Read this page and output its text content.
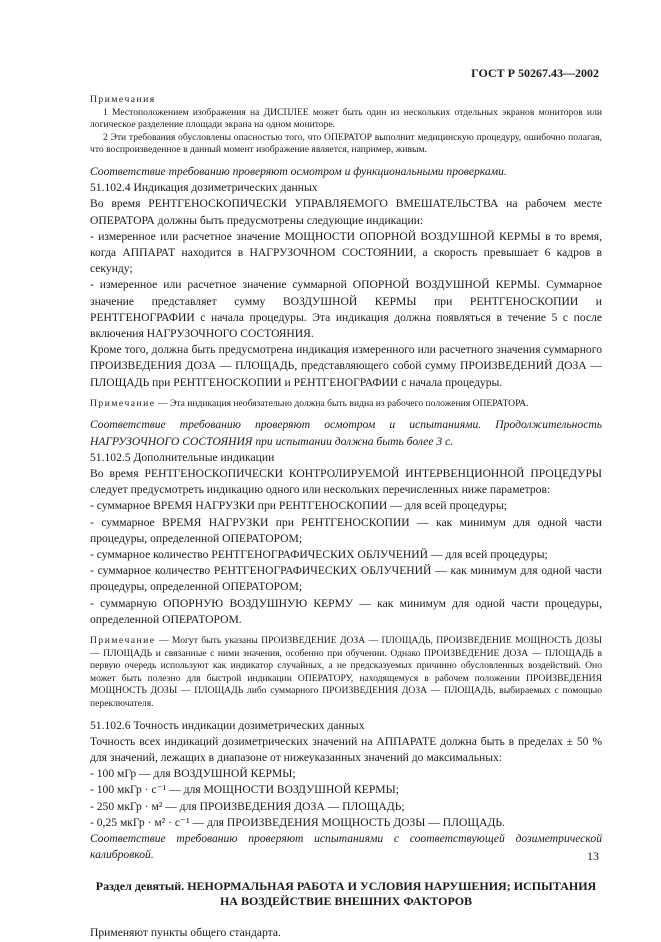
ГОСТ Р 50267.43—2002

Примечания

1 Местоположением изображения на ДИСПЛЕЕ может быть один из нескольких отдельных экранов мониторов или логическое разделение площади экрана на одном мониторе.

2 Эти требования обусловлены опасностью того, что ОПЕРАТОР выполнит медицинскую процедуру, ошибочно полагая, что воспроизведенное в данный момент изображение является, например, живым.

Соответствие требованию проверяют осмотром и функциональными проверками.

51.102.4 Индикация дозиметрических данных

Во время РЕНТГЕНОСКОПИЧЕСКИ УПРАВЛЯЕМОГО ВМЕШАТЕЛЬСТВА на рабочем месте ОПЕРАТОРА должны быть предусмотрены следующие индикации:

- измеренное или расчетное значение МОЩНОСТИ ОПОРНОЙ ВОЗДУШНОЙ КЕРМЫ в то время, когда АППАРАТ находится в НАГРУЗОЧНОМ СОСТОЯНИИ, а скорость превышает 6 кадров в секунду;

- измеренное или расчетное значение суммарной ОПОРНОЙ ВОЗДУШНОЙ КЕРМЫ. Суммарное значение представляет сумму ВОЗДУШНОЙ КЕРМЫ при РЕНТГЕНОСКОПИИ и РЕНТГЕНОГРАФИИ с начала процедуры. Эта индикация должна появляться в течение 5 с после включения НАГРУЗОЧНОГО СОСТОЯНИЯ.

Кроме того, должна быть предусмотрена индикация измеренного или расчетного значения суммарного ПРОИЗВЕДЕНИЯ ДОЗА — ПЛОЩАДЬ, представляющего собой сумму ПРОИЗВЕДЕНИЙ ДОЗА — ПЛОЩАДЬ при РЕНТГЕНОСКОПИИ и РЕНТГЕНОГРАФИИ с начала процедуры.

Примечание — Эта индикация необязательно должна быть видна из рабочего положения ОПЕРАТОРА.

Соответствие требованию проверяют осмотром и испытаниями. Продолжительность НАГРУЗОЧНОГО СОСТОЯНИЯ при испытании должна быть более 3 с.

51.102.5 Дополнительные индикации

Во время РЕНТГЕНОСКОПИЧЕСКИ КОНТРОЛИРУЕМОЙ ИНТЕРВЕНЦИОННОЙ ПРОЦЕДУРЫ следует предусмотреть индикацию одного или нескольких перечисленных ниже параметров:

- суммарное ВРЕМЯ НАГРУЗКИ при РЕНТГЕНОСКОПИИ — для всей процедуры;

- суммарное ВРЕМЯ НАГРУЗКИ при РЕНТГЕНОСКОПИИ — как минимум для одной части процедуры, определенной ОПЕРАТОРОМ;

- суммарное количество РЕНТГЕНОГРАФИЧЕСКИХ ОБЛУЧЕНИЙ — для всей процедуры;

- суммарное количество РЕНТГЕНОГРАФИЧЕСКИХ ОБЛУЧЕНИЙ — как минимум для одной части процедуры, определенной ОПЕРАТОРОМ;

- суммарную ОПОРНУЮ ВОЗДУШНУЮ КЕРМУ — как минимум для одной части процедуры, определенной ОПЕРАТОРОМ.

Примечание — Могут быть указаны ПРОИЗВЕДЕНИЕ ДОЗА — ПЛОЩАДЬ, ПРОИЗВЕДЕНИЕ МОЩНОСТЬ ДОЗЫ — ПЛОЩАДЬ и связанные с ними значения, особенно при обучении. Однако ПРОИЗВЕДЕНИЕ ДОЗА — ПЛОЩАДЬ в первую очередь используют как индикатор случайных, а не предсказуемых причинно обусловленных воздействий. Оно может быть полезно для быстрой индикации ОПЕРАТОРУ, находящемуся в рабочем положении ПРОИЗВЕДЕНИЯ МОЩНОСТЬ ДОЗЫ — ПЛОЩАДЬ либо суммарного ПРОИЗВЕДЕНИЯ ДОЗА — ПЛОЩАДЬ, выбираемых с помощью переключателя.

51.102.6 Точность индикации дозиметрических данных

Точность всех индикаций дозиметрических значений на АППАРАТЕ должна быть в пределах ± 50 % для значений, лежащих в диапазоне от нижеуказанных значений до максимальных:

- 100 мГр — для ВОЗДУШНОЙ КЕРМЫ;

- 100 мкГр · с⁻¹ — для МОЩНОСТИ ВОЗДУШНОЙ КЕРМЫ;

- 250 мкГр · м² — для ПРОИЗВЕДЕНИЯ ДОЗА — ПЛОЩАДЬ;

- 0,25 мкГр · м² · с⁻¹ — для ПРОИЗВЕДЕНИЯ МОЩНОСТЬ ДОЗЫ — ПЛОЩАДЬ.

Соответствие требованию проверяют испытаниями с соответствующей дозиметрической калибровкой.

Раздел девятый. НЕНОРМАЛЬНАЯ РАБОТА И УСЛОВИЯ НАРУШЕНИЯ; ИСПЫТАНИЯ
НА ВОЗДЕЙСТВИЕ ВНЕШНИХ ФАКТОРОВ

Применяют пункты общего стандарта.

13
